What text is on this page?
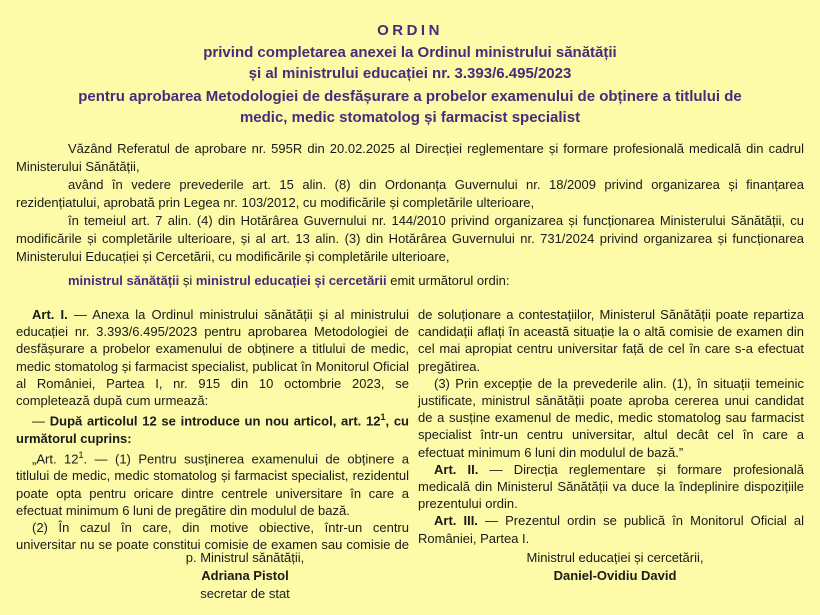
ORDIN
privind completarea anexei la Ordinul ministrului sănătății
și al ministrului educației nr. 3.393/6.495/2023
pentru aprobarea Metodologiei de desfășurare a probelor examenului de obținere a titlului de
medic, medic stomatolog și farmacist specialist
Văzând Referatul de aprobare nr. 595R din 20.02.2025 al Direcției reglementare și formare profesională medicală din cadrul Ministerului Sănătății,
având în vedere prevederile art. 15 alin. (8) din Ordonanța Guvernului nr. 18/2009 privind organizarea și finanțarea rezidențiatului, aprobată prin Legea nr. 103/2012, cu modificările și completările ulterioare,
în temeiul art. 7 alin. (4) din Hotărârea Guvernului nr. 144/2010 privind organizarea și funcționarea Ministerului Sănătății, cu modificările și completările ulterioare, și al art. 13 alin. (3) din Hotărârea Guvernului nr. 731/2024 privind organizarea și funcționarea Ministerului Educației și Cercetării, cu modificările și completările ulterioare,
ministrul sănătății și ministrul educației și cercetării emit următorul ordin:

Art. I. — Anexa la Ordinul ministrului sănătății și al ministrului educației nr. 3.393/6.495/2023 pentru aprobarea Metodologiei de desfășurare a probelor examenului de obținere a titlului de medic, medic stomatolog și farmacist specialist, publicat în Monitorul Oficial al României, Partea I, nr. 915 din 10 octombrie 2023, se completează după cum urmează:

— După articolul 12 se introduce un nou articol, art. $12^1$, cu următorul cuprins:

„Art. $12^1$. — (1) Pentru susținerea examenului de obținere a titlului de medic, medic stomatolog și farmacist specialist, rezidentul poate opta pentru oricare dintre centrele universitare în care a efectuat minimum 6 luni de pregătire din modulul de bază.

(2) În cazul în care, din motive obiective, într-un centru universitar nu se poate constitui comisie de examen sau comisie de

de soluționare a contestațiilor, Ministerul Sănătății poate repartiza candidații aflați în această situație la o altă comisie de examen din cel mai apropiat centru universitar față de cel în care s-a efectuat pregătirea.

(3) Prin excepție de la prevederile alin. (1), în situații temeinic justificate, ministrul sănătății poate aproba cererea unui candidat de a susține examenul de medic, medic stomatolog sau farmacist specialist într-un centru universitar, altul decât cel în care a efectuat minimum 6 luni din modulul de bază.”

Art. II. — Direcția reglementare și formare profesională medicală din Ministerul Sănătății va duce la îndeplinire dispozițiile prezentului ordin.

Art. III. — Prezentul ordin se publică în Monitorul Oficial al României, Partea I.

p. Ministrul sănătății,
Adriana Pistol
secretar de stat
Ministrul educației și cercetării,
Daniel-Ovidiu David
